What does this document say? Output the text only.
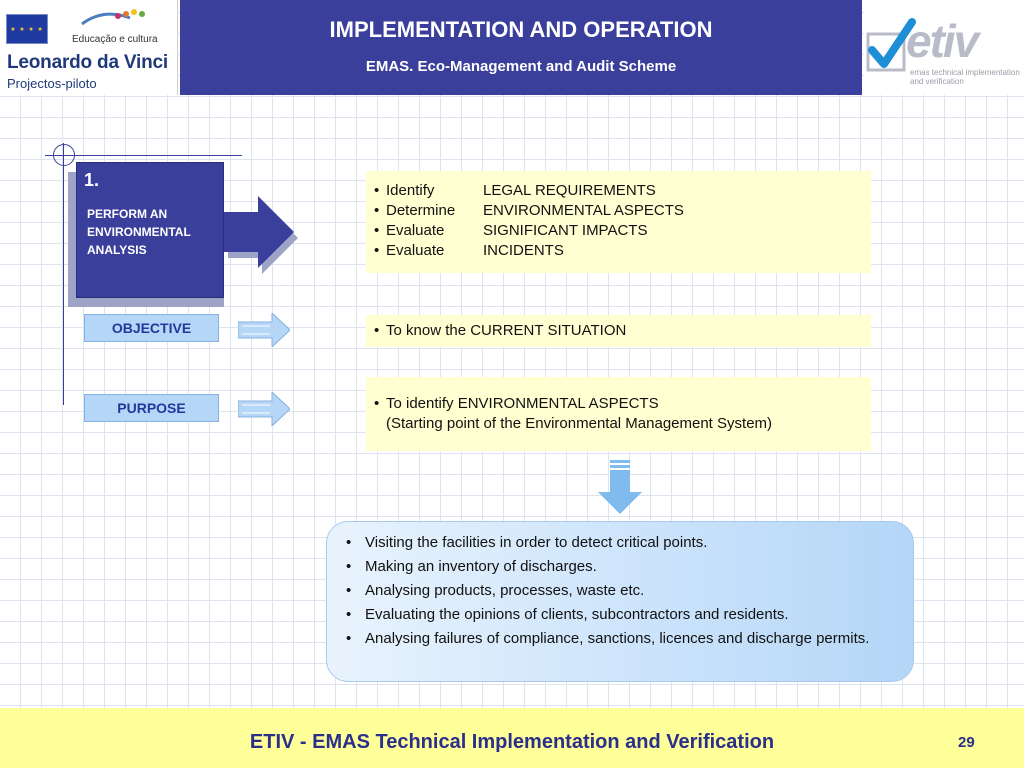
★ ★ ★ ★
Educação e cultura
Leonardo da Vinci
Projectos-piloto
IMPLEMENTATION AND OPERATION
EMAS. Eco-Management and Audit Scheme	etiv
emas technical implementation and verification
1.
PERFORM AN
ENVIRONMENTAL
ANALYSIS
OBJECTIVE
PURPOSE
• Identify	LEGAL REQUIREMENTS
• Determine ENVIRONMENTAL ASPECTS
• Evaluate	SIGNIFICANT IMPACTS
• Evaluate	INCIDENTS
• To know the CURRENT SITUATION
• To identify ENVIRONMENTAL ASPECTS
(Starting point of the Environmental Management System)
• Visiting the facilities in order to detect critical points.
• Making an inventory of discharges.
• Analysing products, processes, waste etc.
• Evaluating the opinions of clients, subcontractors and residents.
• Analysing failures of compliance, sanctions, licences and discharge permits.
ETIV - EMAS Technical Implementation and Verification	29
